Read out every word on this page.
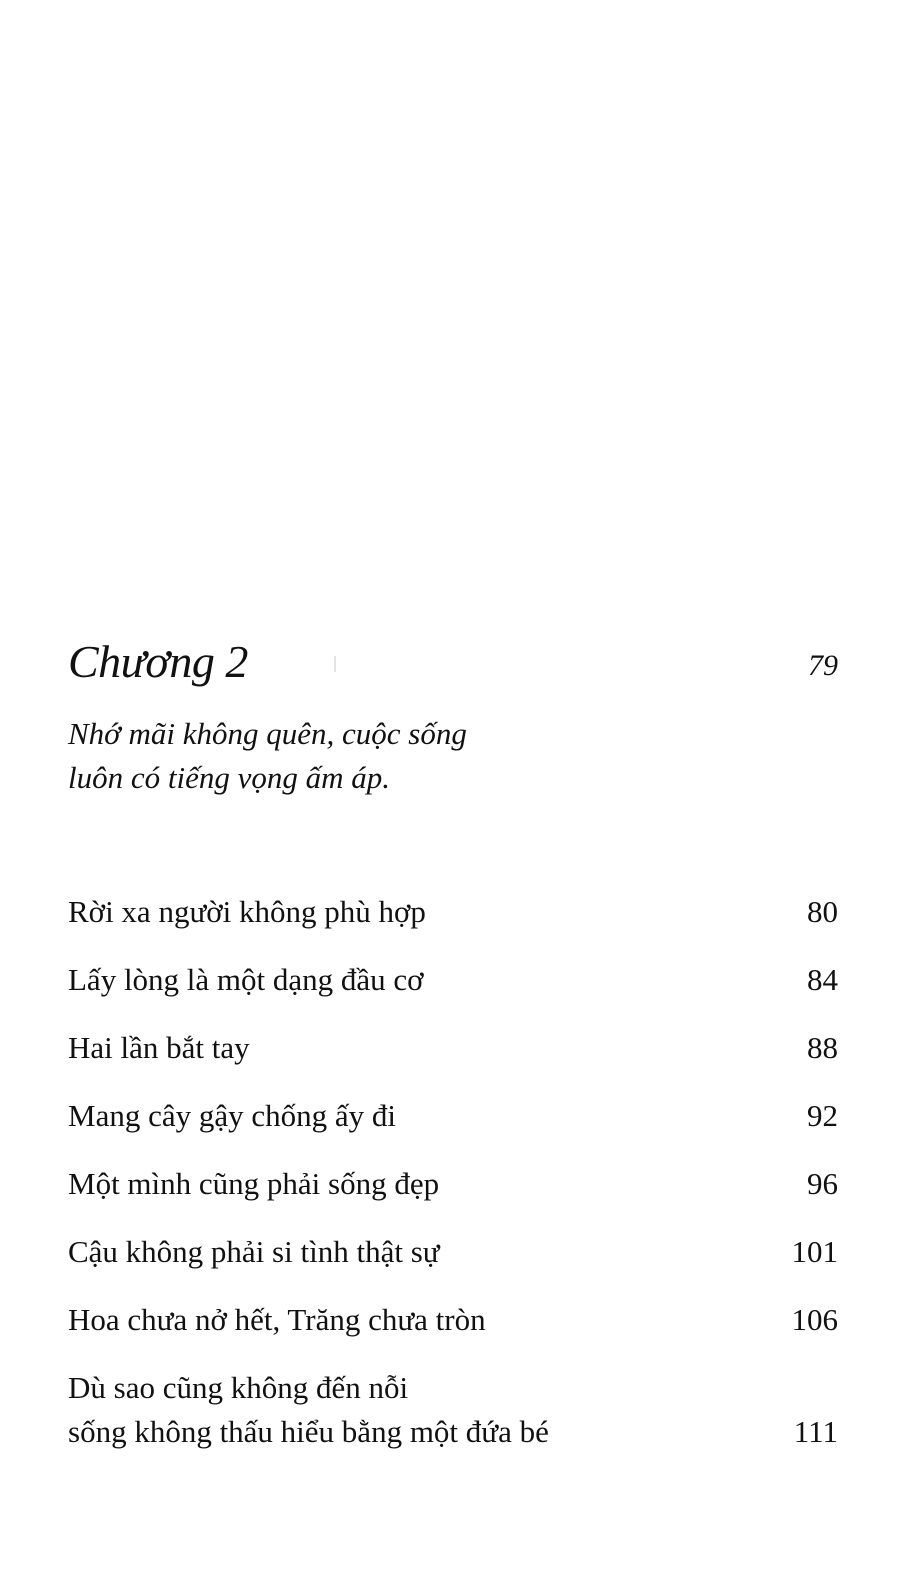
Chương 2	79
Nhớ mãi không quên, cuộc sống
luôn có tiếng vọng ấm áp.
Rời xa người không phù hợp	80
Lấy lòng là một dạng đầu cơ	84
Hai lần bắt tay	88
Mang cây gậy chống ấy đi	92
Một mình cũng phải sống đẹp	96
Cậu không phải si tình thật sự	101
Hoa chưa nở hết, Trăng chưa tròn	106
Dù sao cũng không đến nỗi
sống không thấu hiểu bằng một đứa bé	111
